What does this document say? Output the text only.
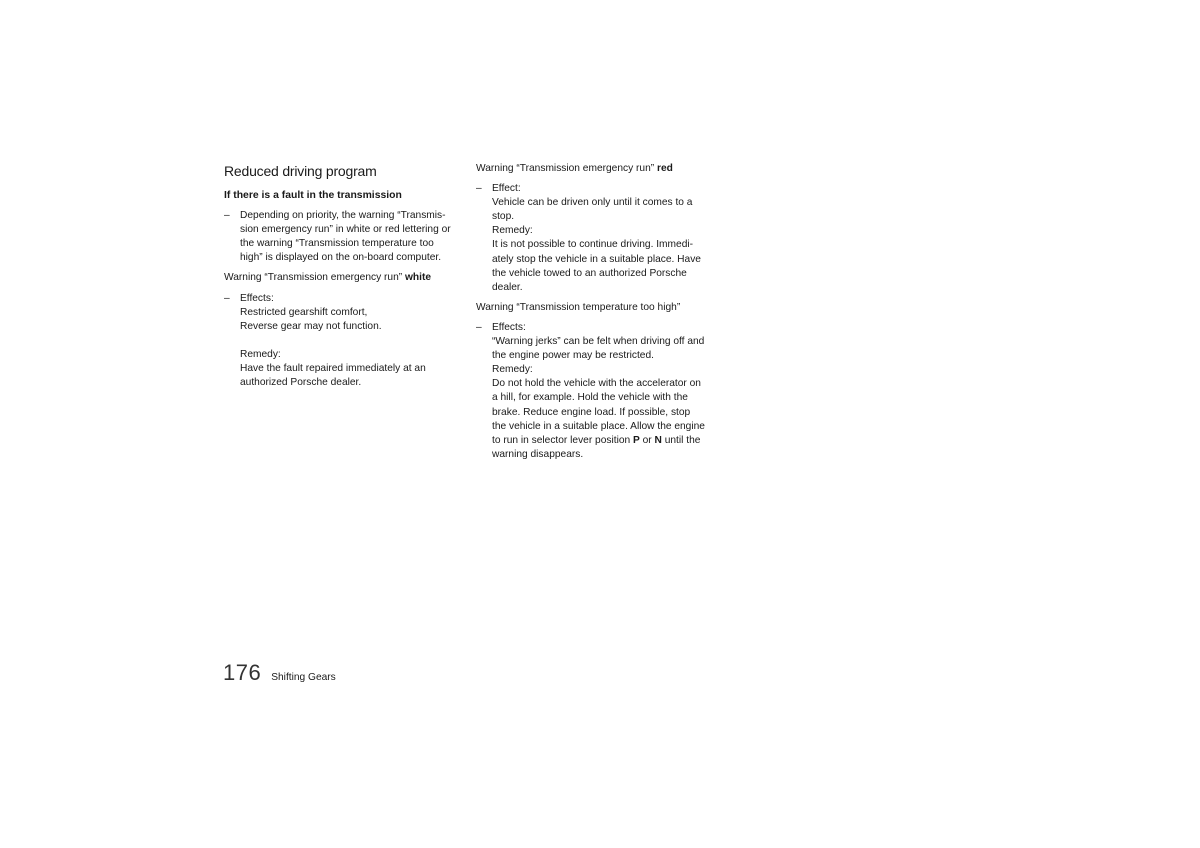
Reduced driving program
If there is a fault in the transmission
– Depending on priority, the warning “Transmis-
sion emergency run” in white or red lettering or
the warning “Transmission temperature too
high” is displayed on the on-board computer.
Warning “Transmission emergency run” white
– Effects:
Restricted gearshift comfort,
Reverse gear may not function.
Remedy:
Have the fault repaired immediately at an
authorized Porsche dealer.
Warning “Transmission emergency run” red
– Effect:
Vehicle can be driven only until it comes to a
stop.
Remedy:
It is not possible to continue driving. Immedi-
ately stop the vehicle in a suitable place. Have
the vehicle towed to an authorized Porsche
dealer.
Warning “Transmission temperature too high”
– Effects:
“Warning jerks” can be felt when driving off and
the engine power may be restricted.
Remedy:
Do not hold the vehicle with the accelerator on
a hill, for example. Hold the vehicle with the
brake. Reduce engine load. If possible, stop
the vehicle in a suitable place. Allow the engine
to run in selector lever position P or N until the
warning disappears.
176 Shifting Gears
